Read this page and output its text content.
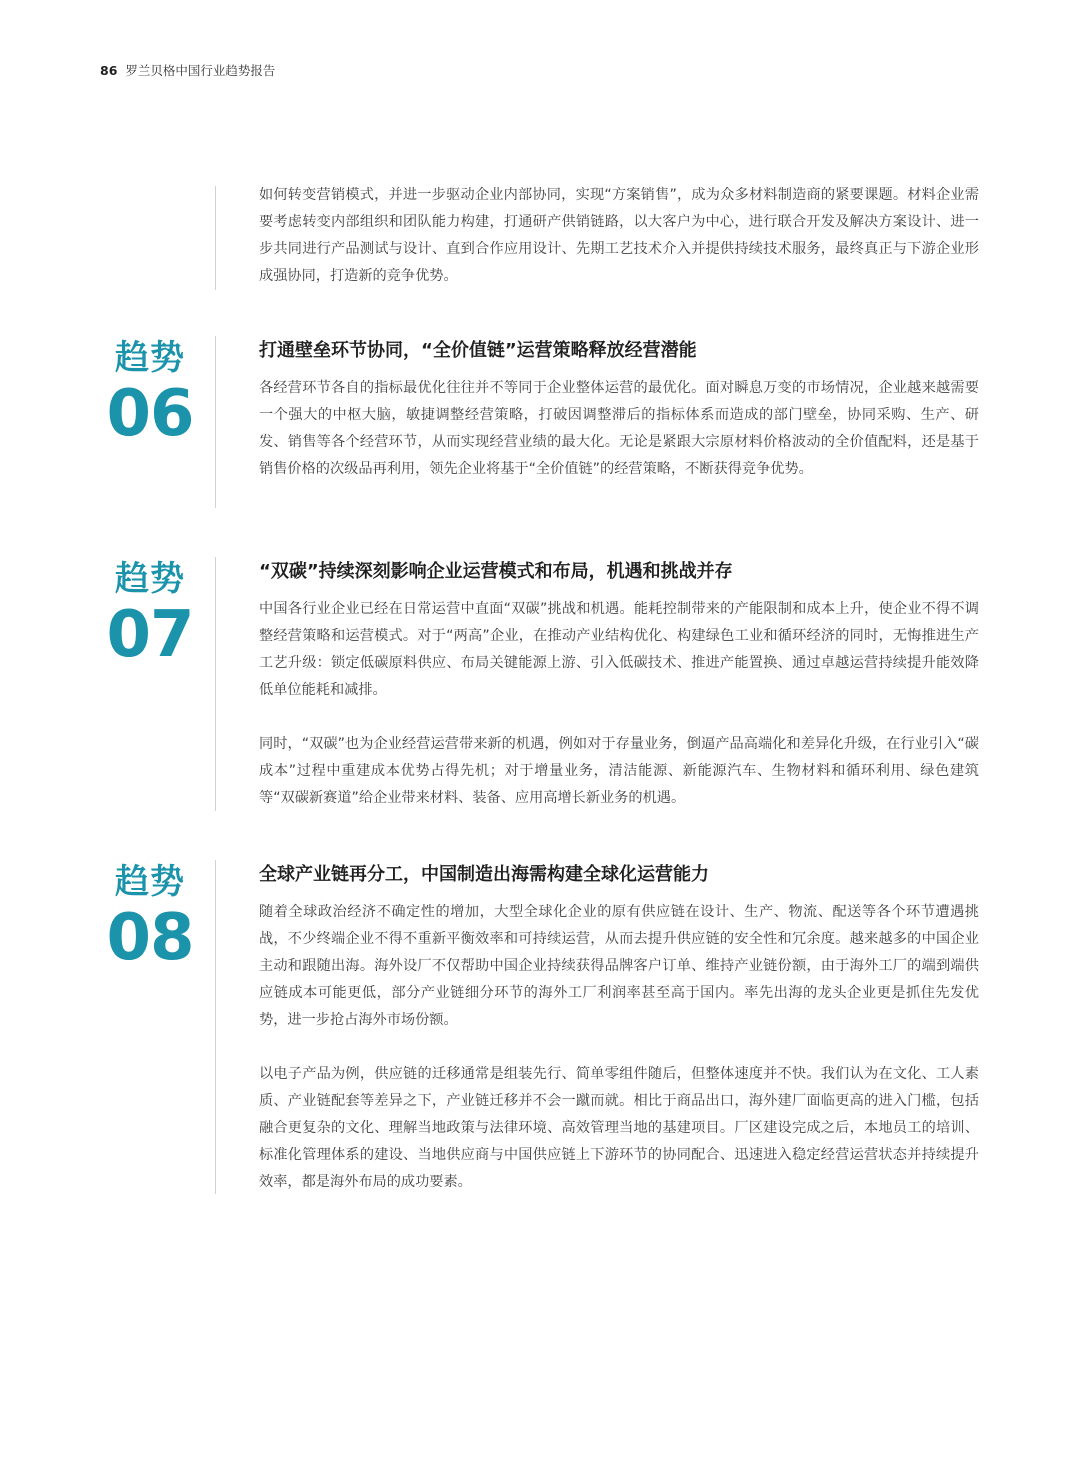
86 罗兰贝格中国行业趋势报告

如何转变营销模式，并进一步驱动企业内部协同，实现“方案销售”，成为众多材料制造商的紧要课题。材料企业需要考虑转变内部组织和团队能力构建，打通研产供销链路，以大客户为中心，进行联合开发及解决方案设计、进一步共同进行产品测试与设计、直到合作应用设计、先期工艺技术介入并提供持续技术服务，最终真正与下游企业形成强协同，打造新的竞争优势。

趋势
06
打通壁垒环节协同，“全价值链”运营策略释放经营潜能

各经营环节各自的指标最优化往往并不等同于企业整体运营的最优化。面对瞬息万变的市场情况，企业越来越需要一个强大的中枢大脑，敏捷调整经营策略，打破因调整滞后的指标体系而造成的部门壁垒，协同采购、生产、研发、销售等各个经营环节，从而实现经营业绩的最大化。无论是紧跟大宗原材料价格波动的全价值配料，还是基于销售价格的次级品再利用，领先企业将基于“全价值链”的经营策略，不断获得竞争优势。

趋势
07
“双碳”持续深刻影响企业运营模式和布局，机遇和挑战并存

中国各行业企业已经在日常运营中直面“双碳”挑战和机遇。能耗控制带来的产能限制和成本上升，使企业不得不调整经营策略和运营模式。对于“两高”企业，在推动产业结构优化、构建绿色工业和循环经济的同时，无悔推进生产工艺升级：锁定低碳原料供应、布局关键能源上游、引入低碳技术、推进产能置换、通过卓越运营持续提升能效降低单位能耗和减排。

同时，“双碳”也为企业经营运营带来新的机遇，例如对于存量业务，倒逼产品高端化和差异化升级，在行业引入“碳成本”过程中重建成本优势占得先机；对于增量业务，清洁能源、新能源汽车、生物材料和循环利用、绿色建筑等“双碳新赛道”给企业带来材料、装备、应用高增长新业务的机遇。

趋势
08
全球产业链再分工，中国制造出海需构建全球化运营能力

随着全球政治经济不确定性的增加，大型全球化企业的原有供应链在设计、生产、物流、配送等各个环节遭遇挑战，不少终端企业不得不重新平衡效率和可持续运营，从而去提升供应链的安全性和冗余度。越来越多的中国企业主动和跟随出海。海外设厂不仅帮助中国企业持续获得品牌客户订单、维持产业链份额，由于海外工厂的端到端供应链成本可能更低，部分产业链细分环节的海外工厂利润率甚至高于国内。率先出海的龙头企业更是抓住先发优势，进一步抢占海外市场份额。

以电子产品为例，供应链的迁移通常是组装先行、简单零组件随后，但整体速度并不快。我们认为在文化、工人素质、产业链配套等差异之下，产业链迁移并不会一蹴而就。相比于商品出口，海外建厂面临更高的进入门槛，包括融合更复杂的文化、理解当地政策与法律环境、高效管理当地的基建项目。厂区建设完成之后，本地员工的培训、标准化管理体系的建设、当地供应商与中国供应链上下游环节的协同配合、迅速进入稳定经营运营状态并持续提升效率，都是海外布局的成功要素。
